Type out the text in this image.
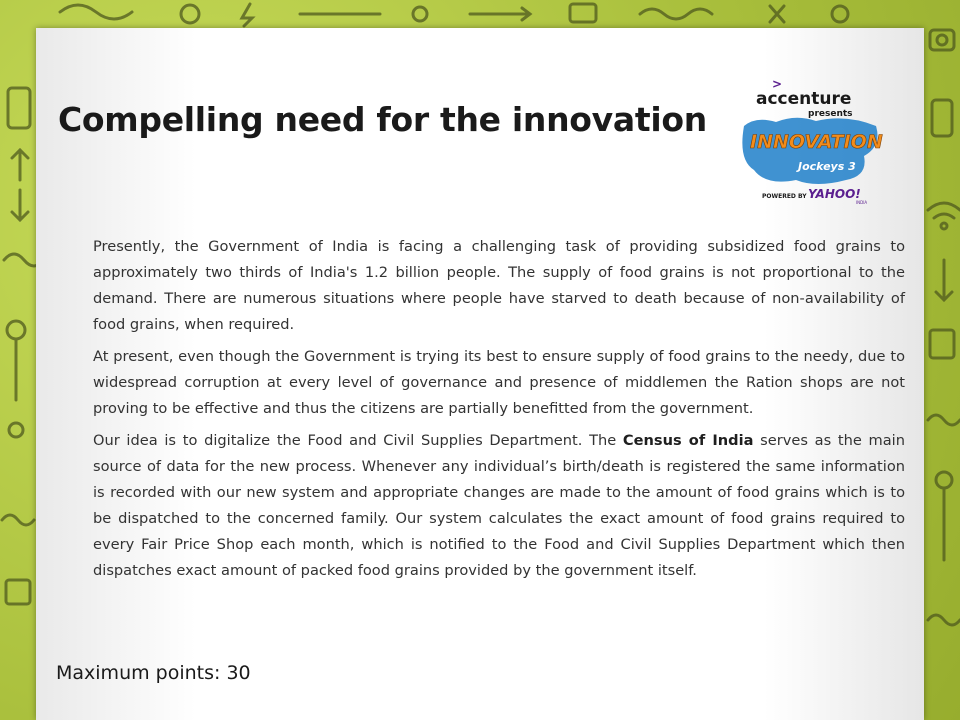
Compelling need for the innovation
>
accenture
presents
INNOVATION
Jockeys 3
POWERED BY YAHOO!
INDIA

Presently, the Government of India is facing a challenging task of providing subsidized food grains to approximately two thirds of India's 1.2 billion people. The supply of food grains is not proportional to the demand. There are numerous situations where people have starved to death because of non-availability of food grains, when required.

At present, even though the Government is trying its best to ensure supply of food grains to the needy, due to widespread corruption at every level of governance and presence of middlemen the Ration shops are not proving to be effective and thus the citizens are partially benefitted from the government.

Our idea is to digitalize the Food and Civil Supplies Department. The Census of India serves as the main source of data for the new process. Whenever any individual’s birth/death is registered the same information is recorded with our new system and appropriate changes are made to the amount of food grains which is to be dispatched to the concerned family. Our system calculates the exact amount of food grains required to every Fair Price Shop each month, which is notified to the Food and Civil Supplies Department which then dispatches exact amount of packed food grains provided by the government itself.

Maximum points: 30
